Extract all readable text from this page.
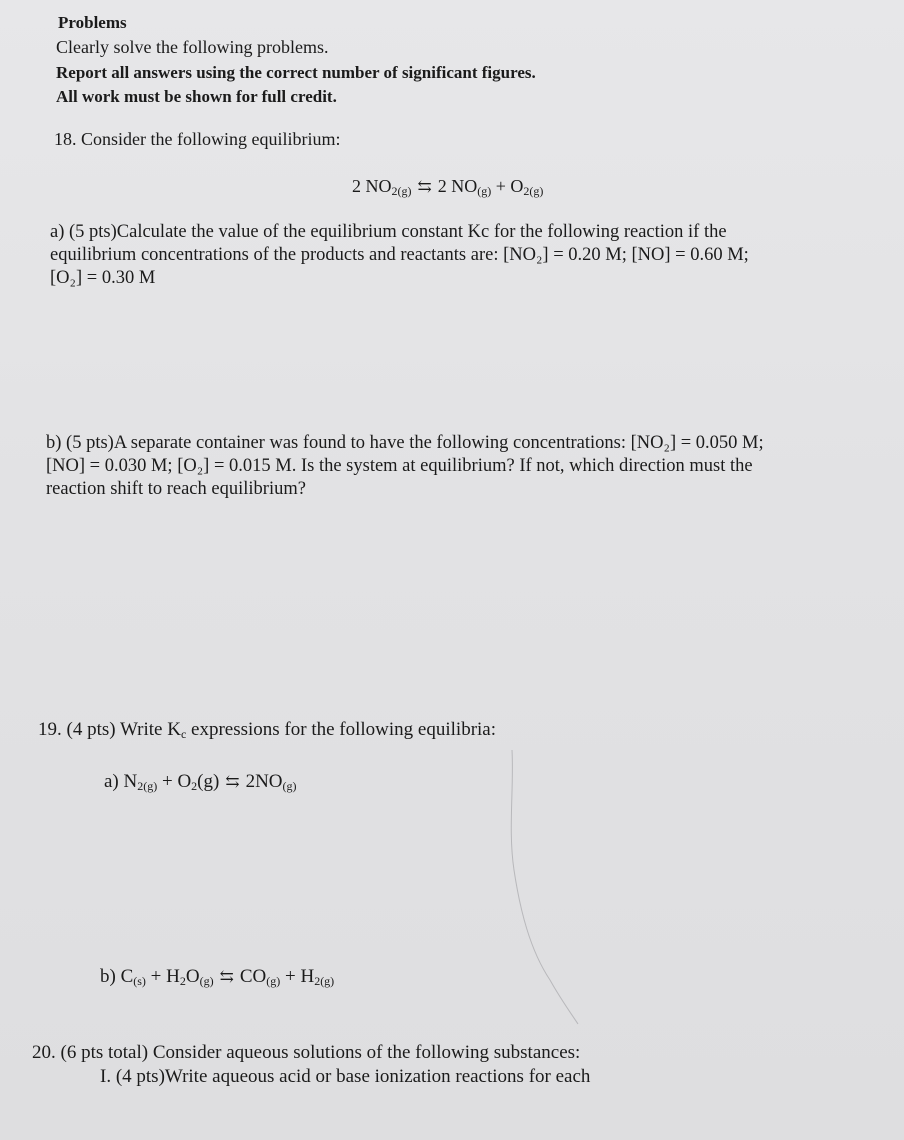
Problems
Clearly solve the following problems.
Report all answers using the correct number of significant figures.
All work must be shown for full credit.
18. Consider the following equilibrium:
2 $NO_{2(g)}$ ⇆ 2 $NO_{(g)} + O_{2(g)}$
a) (5 pts)Calculate the value of the equilibrium constant Kc for the following reaction if the
equilibrium concentrations of the products and reactants are: [NO₂] = 0.20 M; [NO] = 0.60 M;
[O₂] = 0.30 M
b) (5 pts)A separate container was found to have the following concentrations: [NO₂] = 0.050 M;
[NO] = 0.030 M; [O₂] = 0.015 M. Is the system at equilibrium? If not, which direction must the
reaction shift to reach equilibrium?
19. (4 pts) Write $K_c$ expressions for the following equilibria:
a) $N_{2(g)} + O_2(g)$ ⇆ $2NO_{(g)}$
b) $C_{(s)} + H_2O_{(g)}$ ⇆ $CO_{(g)} + H_{2(g)}$
20. (6 pts total) Consider aqueous solutions of the following substances:
I. (4 pts)Write aqueous acid or base ionization reactions for each
